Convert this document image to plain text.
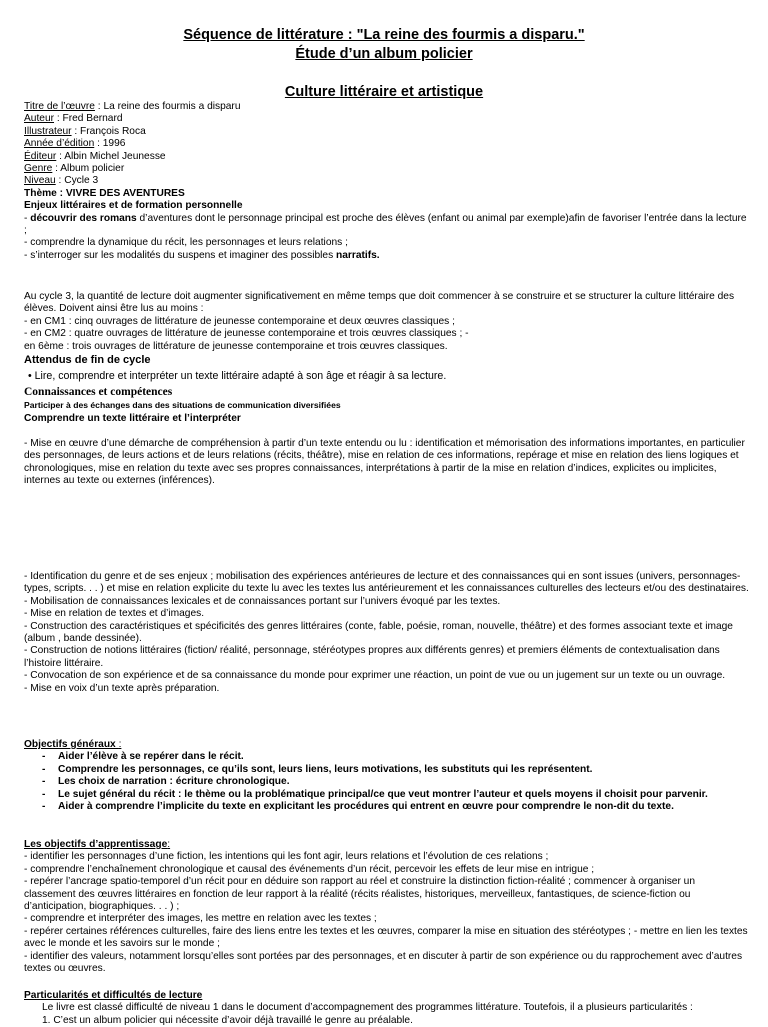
Séquence de littérature : "La reine des fourmis a disparu."
Étude d’un album policier
Culture littéraire et artistique
Titre de l’œuvre : La reine des fourmis a disparu
Auteur : Fred Bernard
Illustrateur : François Roca
Année d’édition : 1996
Éditeur : Albin Michel Jeunesse
Genre : Album policier
Niveau : Cycle 3
Thème : VIVRE DES AVENTURES
Enjeux littéraires et de formation personnelle
- découvrir des romans d’aventures dont le personnage principal est proche des élèves (enfant ou animal par exemple)afin de favoriser l’entrée dans la lecture ;
- comprendre la dynamique du récit, les personnages et leurs relations ;
- s’interroger sur les modalités du suspens et imaginer des possibles narratifs.
Au cycle 3, la quantité de lecture doit augmenter significativement en même temps que doit commencer à se construire et se structurer la culture littéraire des élèves. Doivent ainsi être lus au moins :
- en CM1 : cinq ouvrages de littérature de jeunesse contemporaine et deux œuvres classiques ;
- en CM2 : quatre ouvrages de littérature de jeunesse contemporaine et trois œuvres classiques ; -
en 6ème : trois ouvrages de littérature de jeunesse contemporaine et trois œuvres classiques.
Attendus de fin de cycle
• Lire, comprendre et interpréter un texte littéraire adapté à son âge et réagir à sa lecture.
Connaissances et compétences
Participer à des échanges dans des situations de communication diversifiées
Comprendre un texte littéraire et l’interpréter
- Mise en œuvre d’une démarche de compréhension à partir d’un texte entendu ou lu : identification et mémorisation des informations importantes, en particulier des personnages, de leurs actions et de leurs relations (récits, théâtre), mise en relation de ces informations, repérage et mise en relation des liens logiques et chronologiques, mise en relation du texte avec ses propres connaissances, interprétations à partir de la mise en relation d’indices, explicites ou implicites, internes au texte ou externes (inférences).
- Identification du genre et de ses enjeux ; mobilisation des expériences antérieures de lecture et des connaissances qui en sont issues (univers, personnages-types, scripts. . . ) et mise en relation explicite du texte lu avec les textes lus antérieurement et les connaissances culturelles des lecteurs et/ou des destinataires.
- Mobilisation de connaissances lexicales et de connaissances portant sur l’univers évoqué par les textes.
- Mise en relation de textes et d’images.
- Construction des caractéristiques et spécificités des genres littéraires (conte, fable, poésie, roman, nouvelle, théâtre) et des formes associant texte et image (album , bande dessinée).
- Construction de notions littéraires (fiction/ réalité, personnage, stéréotypes propres aux différents genres) et premiers éléments de contextualisation dans l’histoire littéraire.
- Convocation de son expérience et de sa connaissance du monde pour exprimer une réaction, un point de vue ou un jugement sur un texte ou un ouvrage.
- Mise en voix d’un texte après préparation.
Objectifs généraux :
- Aider l’élève à se repérer dans le récit.
- Comprendre les personnages, ce qu’ils sont, leurs liens, leurs motivations, les substituts qui les représentent.
- Les choix de narration : écriture chronologique.
- Le sujet général du récit : le thème ou la problématique principal/ce que veut montrer l’auteur et quels moyens il choisit pour parvenir.
- Aider à comprendre l’implicite du texte en explicitant les procédures qui entrent en œuvre pour comprendre le non-dit du texte.
Les objectifs d’apprentissage:
- identifier les personnages d’une fiction, les intentions qui les font agir, leurs relations et l’évolution de ces relations ;
- comprendre l’enchaînement chronologique et causal des événements d’un récit, percevoir les effets de leur mise en intrigue ;
- repérer l’ancrage spatio-temporel d’un récit pour en déduire son rapport au réel et construire la distinction fiction-réalité ; commencer à organiser un classement des œuvres littéraires en fonction de leur rapport à la réalité (récits réalistes, historiques, merveilleux, fantastiques, de science-fiction ou d’anticipation, biographiques. . . ) ;
- comprendre et interpréter des images, les mettre en relation avec les textes ;
- repérer certaines références culturelles, faire des liens entre les textes et les œuvres, comparer la mise en situation des stéréotypes ; - mettre en lien les textes avec le monde et les savoirs sur le monde ;
- identifier des valeurs, notamment lorsqu’elles sont portées par des personnages, et en discuter à partir de son expérience ou du rapprochement avec d’autres textes ou œuvres.
Particularités et difficultés de lecture
Le livre est classé difficulté de niveau 1 dans le document d’accompagnement des programmes littérature. Toutefois, il a plusieurs particularités :
1. C’est un album policier qui nécessite d’avoir déjà travaillé le genre au préalable.
